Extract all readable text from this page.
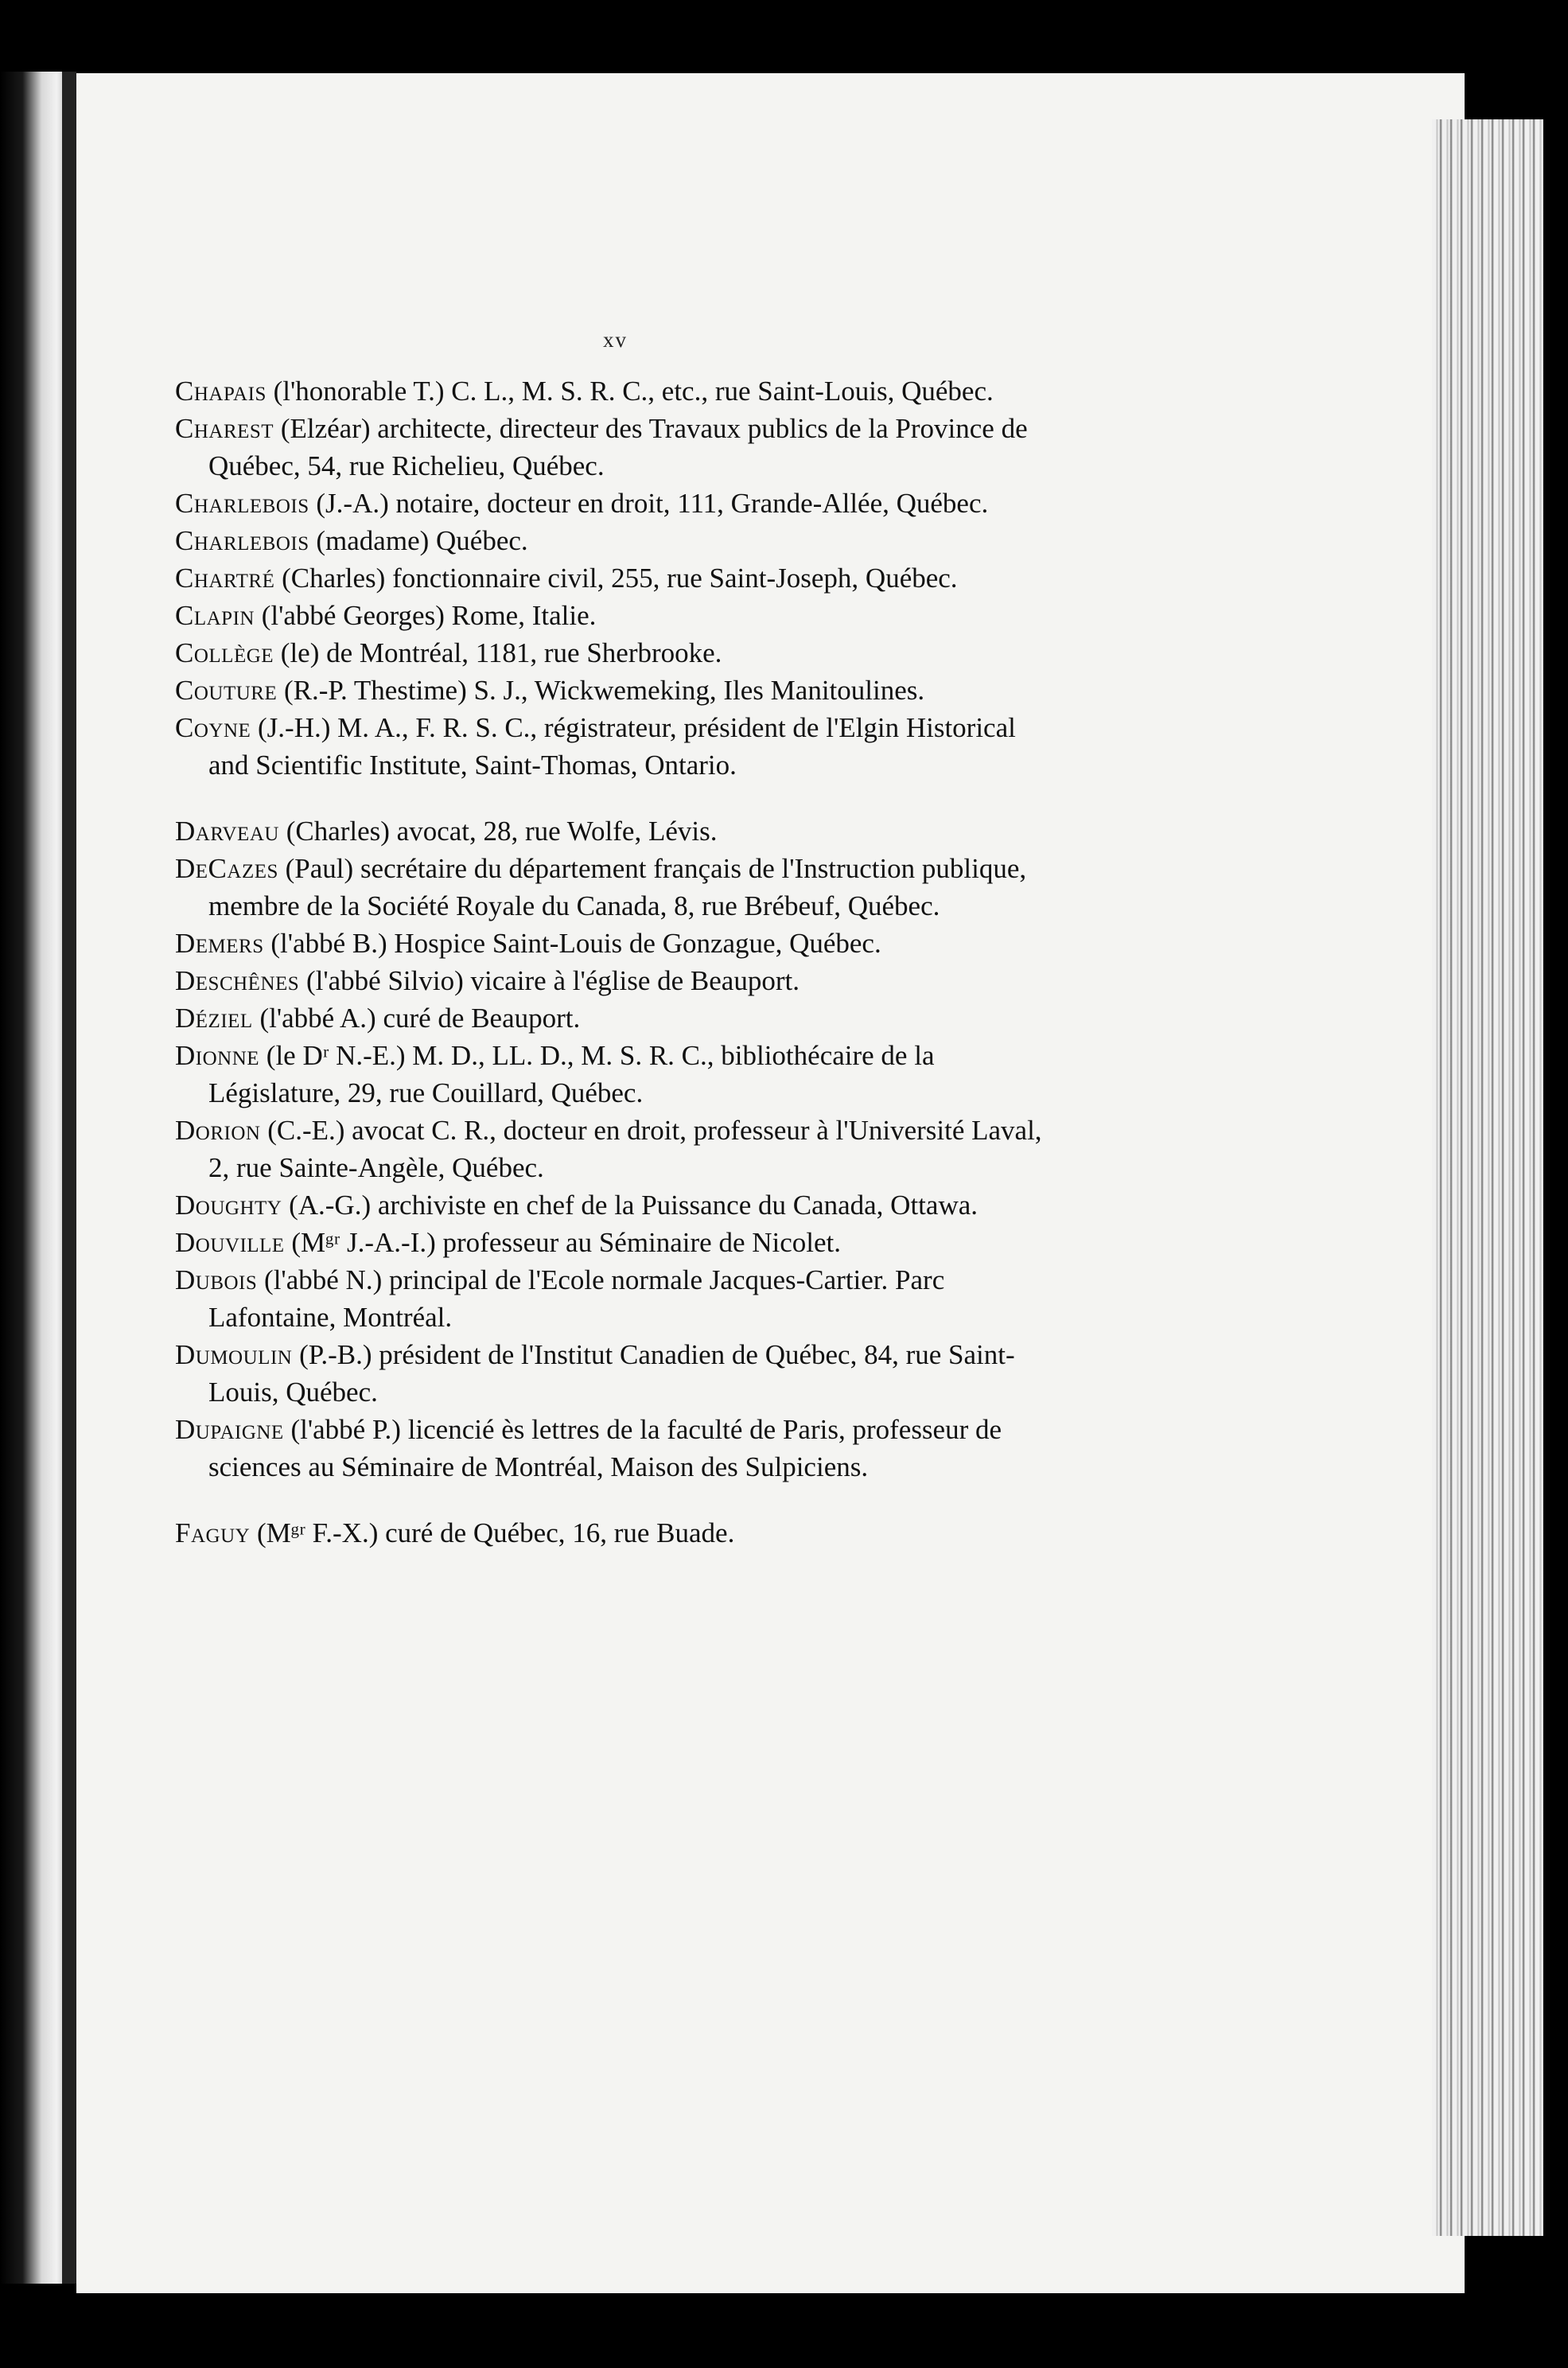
xv

Chapais (l'honorable T.) C. L., M. S. R. C., etc., rue Saint-Louis, Québec.

Charest (Elzéar) architecte, directeur des Travaux publics de la Province de Québec, 54, rue Richelieu, Québec.

Charlebois (J.-A.) notaire, docteur en droit, 111, Grande-Allée, Québec.

Charlebois (madame) Québec.

Chartré (Charles) fonctionnaire civil, 255, rue Saint-Joseph, Québec.

Clapin (l'abbé Georges) Rome, Italie.

Collège (le) de Montréal, 1181, rue Sherbrooke.

Couture (R.-P. Thestime) S. J., Wickwemeking, Iles Manitoulines.

Coyne (J.-H.) M. A., F. R. S. C., régistrateur, président de l'Elgin Historical and Scientific Institute, Saint-Thomas, Ontario.

Darveau (Charles) avocat, 28, rue Wolfe, Lévis.

DeCazes (Paul) secrétaire du département français de l'Instruction publique, membre de la Société Royale du Canada, 8, rue Brébeuf, Québec.

Demers (l'abbé B.) Hospice Saint-Louis de Gonzague, Québec.

Deschênes (l'abbé Silvio) vicaire à l'église de Beauport.

Déziel (l'abbé A.) curé de Beauport.

Dionne (le Dʳ N.-E.) M. D., LL. D., M. S. R. C., bibliothécaire de la Législature, 29, rue Couillard, Québec.

Dorion (C.-E.) avocat C. R., docteur en droit, professeur à l'Université Laval, 2, rue Sainte-Angèle, Québec.

Doughty (A.-G.) archiviste en chef de la Puissance du Canada, Ottawa.

Douville (Mᵍʳ J.-A.-I.) professeur au Séminaire de Nicolet.

Dubois (l'abbé N.) principal de l'Ecole normale Jacques-Cartier. Parc Lafontaine, Montréal.

Dumoulin (P.-B.) président de l'Institut Canadien de Québec, 84, rue Saint-Louis, Québec.

Dupaigne (l'abbé P.) licencié ès lettres de la faculté de Paris, professeur de sciences au Séminaire de Montréal, Maison des Sulpiciens.

Faguy (Mᵍʳ F.-X.) curé de Québec, 16, rue Buade.
